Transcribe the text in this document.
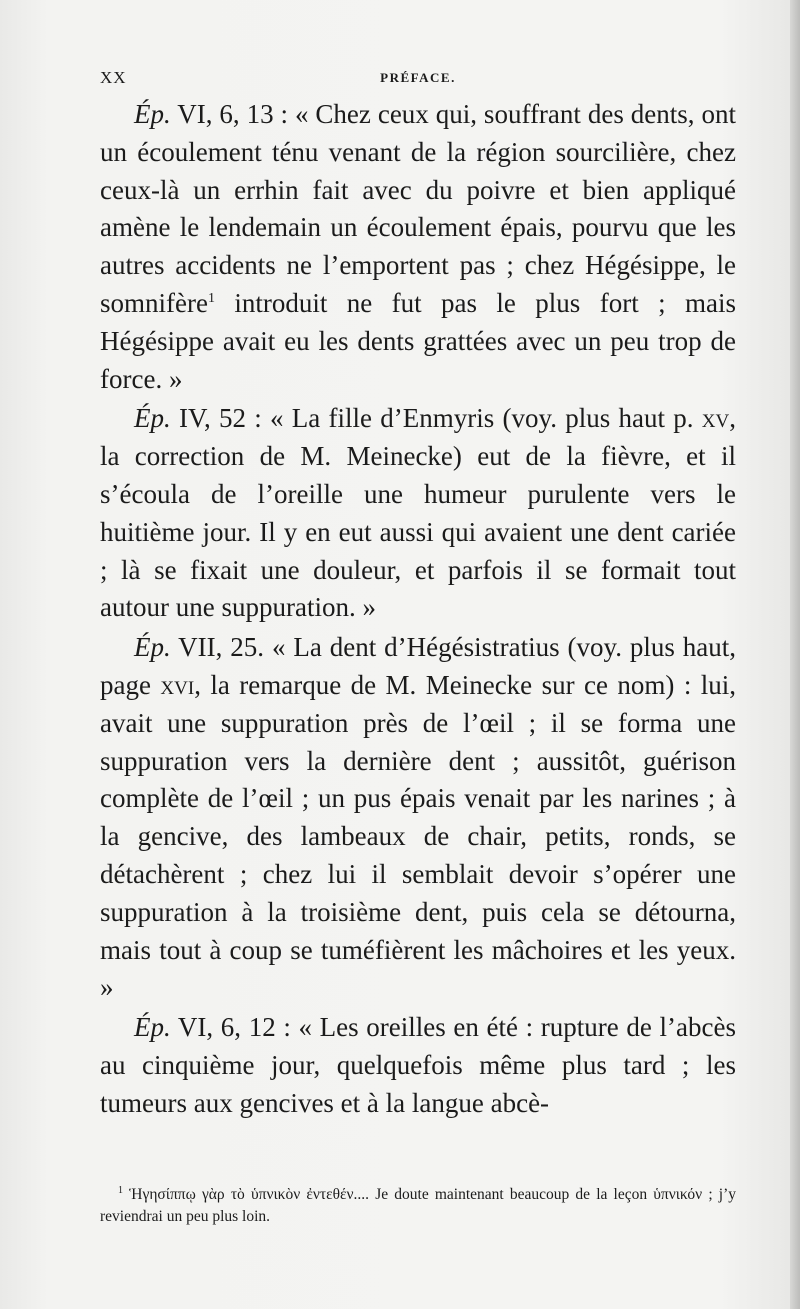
XX	PRÉFACE.

Ép. VI, 6, 13 : « Chez ceux qui, souffrant des dents, ont un écoulement ténu venant de la région sourcilière, chez ceux-là un errhin fait avec du poivre et bien appliqué amène le lendemain un écoulement épais, pourvu que les autres accidents ne l’emportent pas ; chez Hégésippe, le somnifère$^1$ introduit ne fut pas le plus fort ; mais Hégésippe avait eu les dents grattées avec un peu trop de force. »

Ép. IV, 52 : « La fille d’Enmyris (voy. plus haut p. xv, la correction de M. Meinecke) eut de la fièvre, et il s’écoula de l’oreille une humeur purulente vers le huitième jour. Il y en eut aussi qui avaient une dent cariée ; là se fixait une douleur, et parfois il se formait tout autour une suppuration. »

Ép. VII, 25. « La dent d’Hégésistratius (voy. plus haut, page xvi, la remarque de M. Meinecke sur ce nom) : lui, avait une suppuration près de l’œil ; il se forma une suppuration vers la dernière dent ; aussitôt, guérison complète de l’œil ; un pus épais venait par les narines ; à la gencive, des lambeaux de chair, petits, ronds, se détachèrent ; chez lui il semblait devoir s’opérer une suppuration à la troisième dent, puis cela se détourna, mais tout à coup se tuméfièrent les mâchoires et les yeux. »

Ép. VI, 6, 12 : « Les oreilles en été : rupture de l’abcès au cinquième jour, quelquefois même plus tard ; les tumeurs aux gencives et à la langue abcè-

$^1$ Ἡγησίππῳ γὰρ τὸ ὑπνικὸν ἐντεθέν.... Je doute maintenant beaucoup de la leçon ὑπνικόν ; j’y reviendrai un peu plus loin.
